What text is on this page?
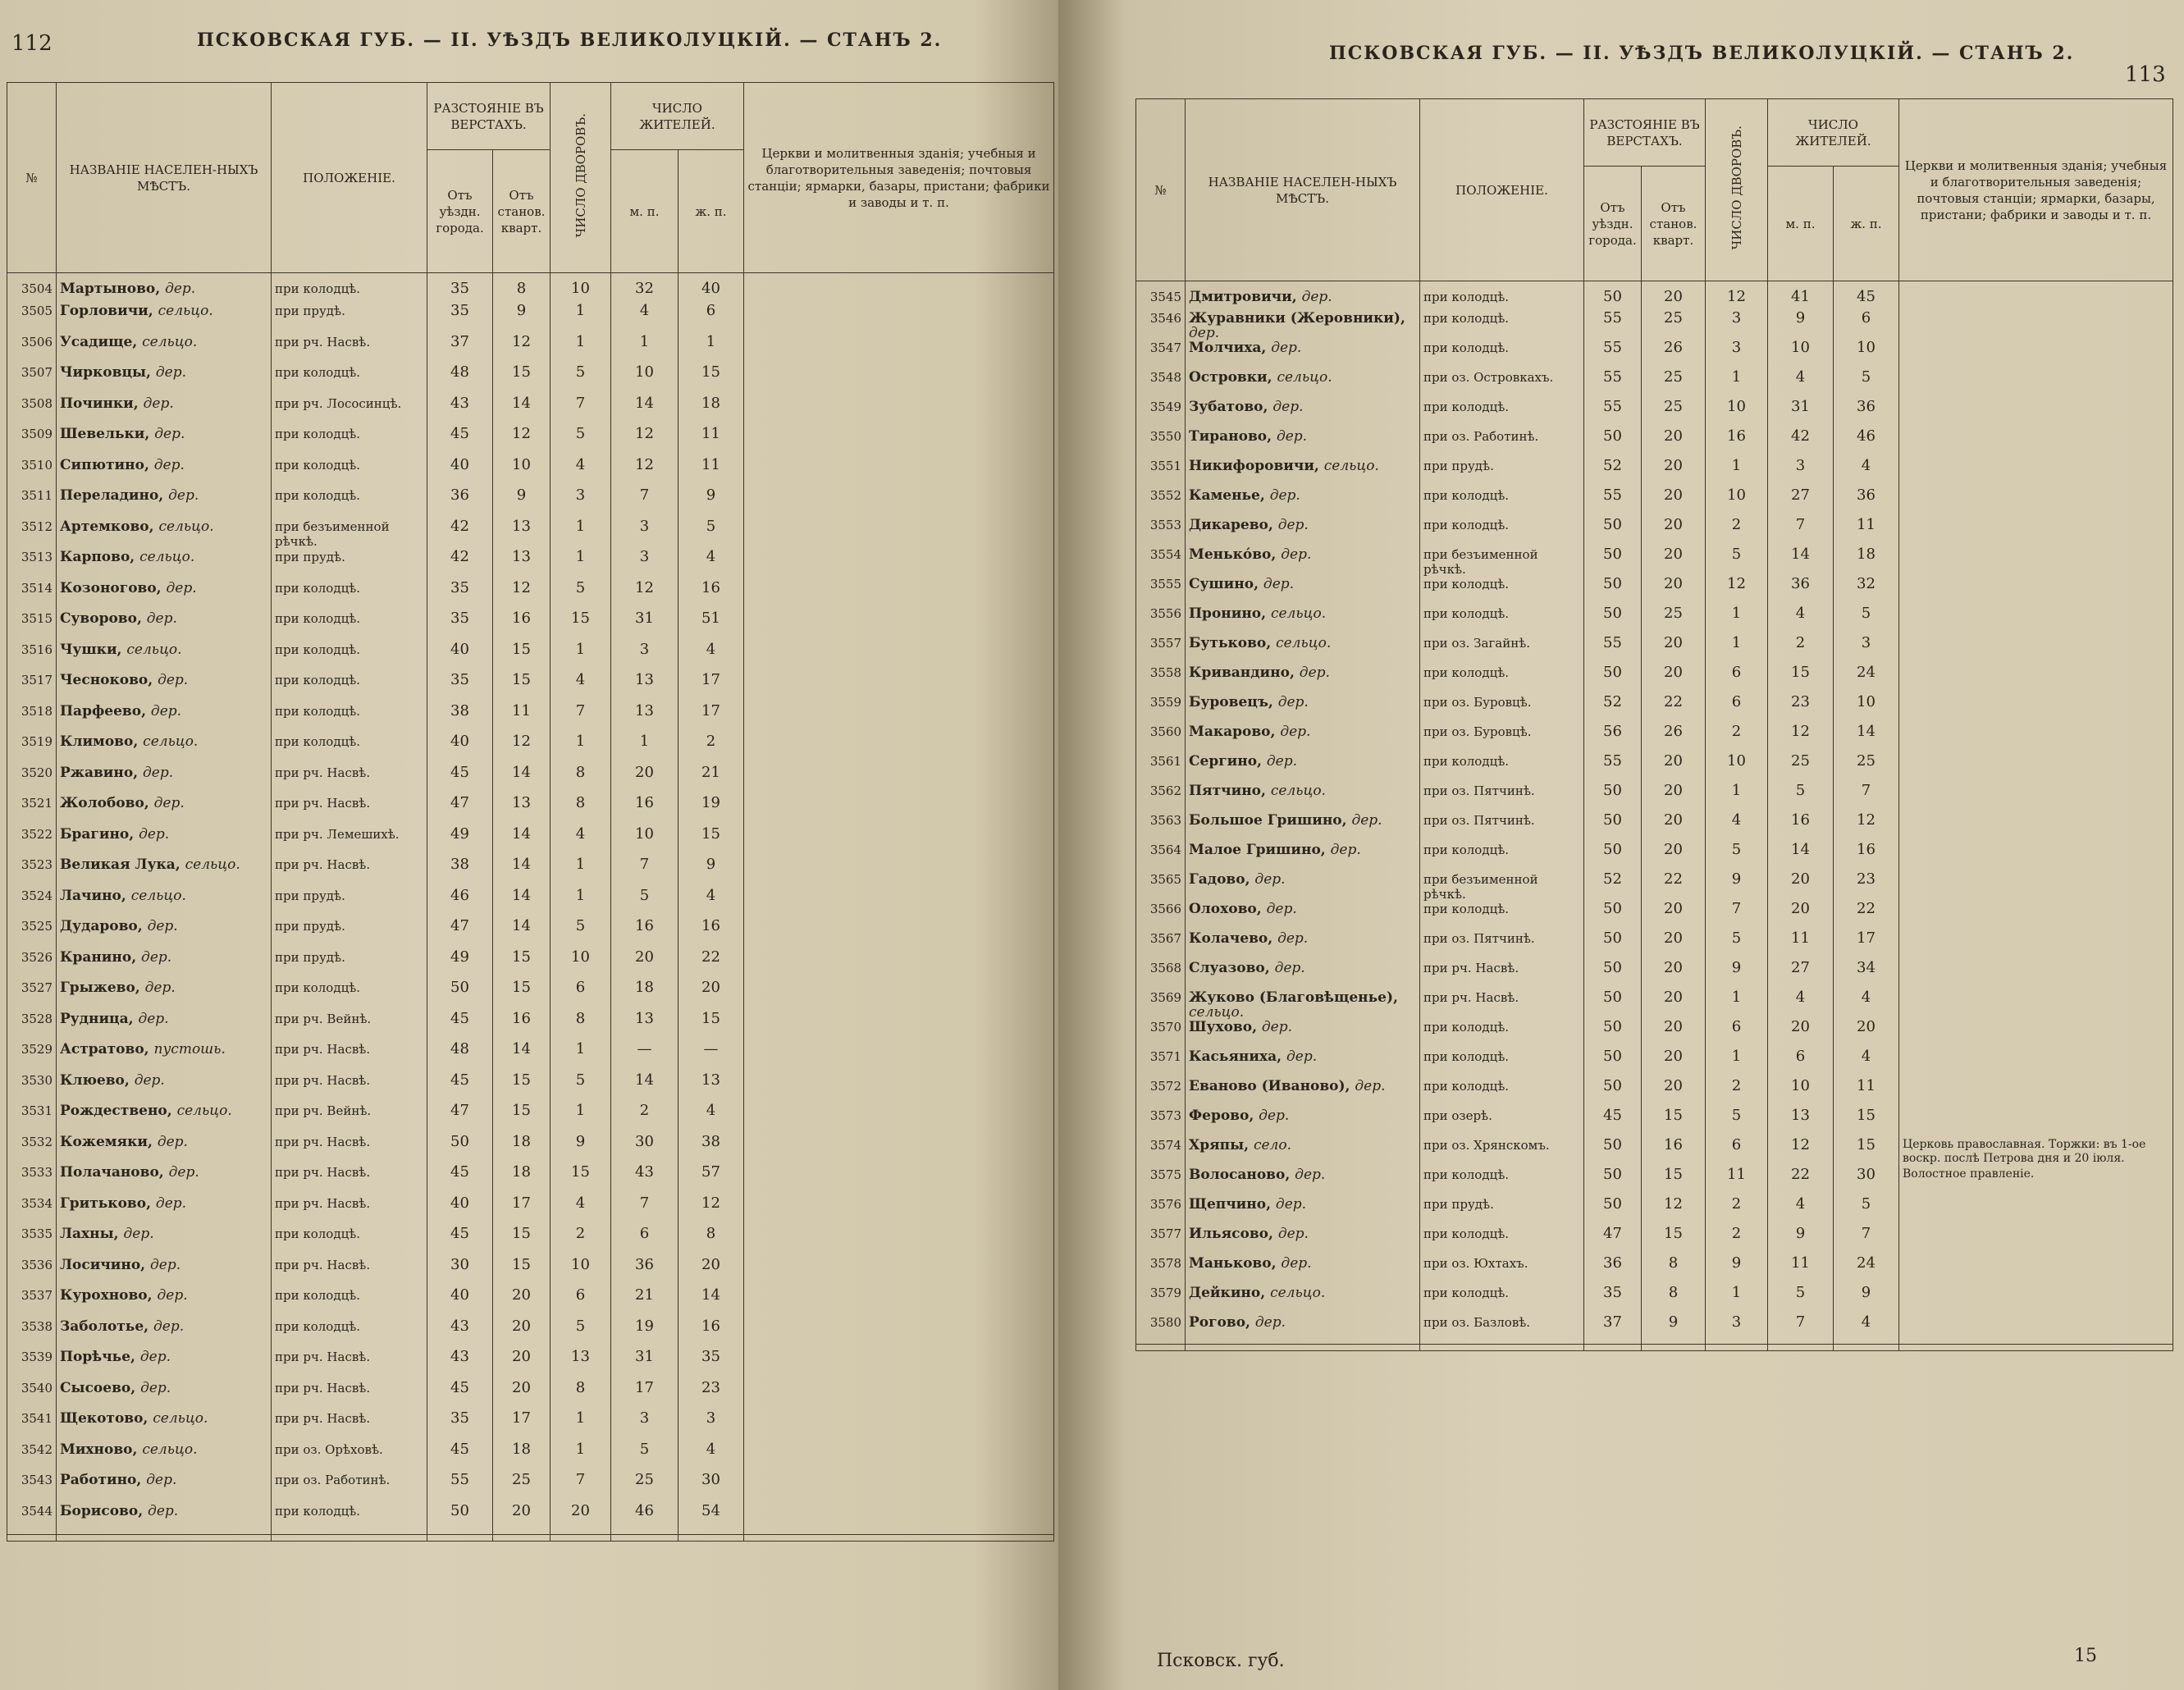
112	ПСКОВСКАЯ ГУБ. — II. УѢЗДЪ ВЕЛИКОЛУЦКІЙ. — СТАНЪ 2.
№	НАЗВАНІЕ НАСЕЛЕН-НЫХЪ МѢСТЪ.	ПОЛОЖЕНІЕ.	РАЗСТОЯНІЕ ВЪ ВЕРСТАХЪ.		ЧИСЛО ДВОРОВЪ.	ЧИСЛО ЖИТЕЛЕЙ.		Церкви и молитвенныя зданія; учебныя и благотворительныя заведенія; почтовыя станціи; ярмарки, базары, пристани; фабрики и заводы и т. п.
			Отъ уѣздн. города.	Отъ станов. кварт.		м. п.	ж. п.	
3504	Мартыново, дер.	при колодцѣ.	35	8	10	32	40	
3505	Горловичи, сельцо.	при прудѣ.	35	9	1	4	6	
3506	Усадище, сельцо.	при рч. Насвѣ.	37	12	1	1	1	
3507	Чирковцы, дер.	при колодцѣ.	48	15	5	10	15	
3508	Починки, дер.	при рч. Лососинцѣ.	43	14	7	14	18	
3509	Шевельки, дер.	при колодцѣ.	45	12	5	12	11	
3510	Сипютино, дер.	при колодцѣ.	40	10	4	12	11	
3511	Переладино, дер.	при колодцѣ.	36	9	3	7	9	
3512	Артемково, сельцо.	при безъименной рѣчкѣ.	42	13	1	3	5	
3513	Карпово, сельцо.	при прудѣ.	42	13	1	3	4	
3514	Козоногово, дер.	при колодцѣ.	35	12	5	12	16	
3515	Суворово, дер.	при колодцѣ.	35	16	15	31	51	
3516	Чушки, сельцо.	при колодцѣ.	40	15	1	3	4	
3517	Чесноково, дер.	при колодцѣ.	35	15	4	13	17	
3518	Парфеево, дер.	при колодцѣ.	38	11	7	13	17	
3519	Климово, сельцо.	при колодцѣ.	40	12	1	1	2	
3520	Ржавино, дер.	при рч. Насвѣ.	45	14	8	20	21	
3521	Жолобово, дер.	при рч. Насвѣ.	47	13	8	16	19	
3522	Брагино, дер.	при рч. Лемешихѣ.	49	14	4	10	15	
3523	Великая Лука, сельцо.	при рч. Насвѣ.	38	14	1	7	9	
3524	Лачино, сельцо.	при прудѣ.	46	14	1	5	4	
3525	Дударово, дер.	при прудѣ.	47	14	5	16	16	
3526	Кранино, дер.	при прудѣ.	49	15	10	20	22	
3527	Грыжево, дер.	при колодцѣ.	50	15	6	18	20	
3528	Рудница, дер.	при рч. Вейнѣ.	45	16	8	13	15	
3529	Астратово, пустошь.	при рч. Насвѣ.	48	14	1	—	—	
3530	Клюево, дер.	при рч. Насвѣ.	45	15	5	14	13	
3531	Рождествено, сельцо.	при рч. Вейнѣ.	47	15	1	2	4	
3532	Кожемяки, дер.	при рч. Насвѣ.	50	18	9	30	38	
3533	Полачаново, дер.	при рч. Насвѣ.	45	18	15	43	57	
3534	Гритьково, дер.	при рч. Насвѣ.	40	17	4	7	12	
3535	Лахны, дер.	при колодцѣ.	45	15	2	6	8	
3536	Лосичино, дер.	при рч. Насвѣ.	30	15	10	36	20	
3537	Курохново, дер.	при колодцѣ.	40	20	6	21	14	
3538	Заболотье, дер.	при колодцѣ.	43	20	5	19	16	
3539	Порѣчье, дер.	при рч. Насвѣ.	43	20	13	31	35	
3540	Сысоево, дер.	при рч. Насвѣ.	45	20	8	17	23	
3541	Щекотово, сельцо.	при рч. Насвѣ.	35	17	1	3	3	
3542	Михново, сельцо.	при оз. Орѣховѣ.	45	18	1	5	4	
3543	Работино, дер.	при оз. Работинѣ.	55	25	7	25	30	
3544	Борисово, дер.	при колодцѣ.	50	20	20	46	54	

ПСКОВСКАЯ ГУБ. — II. УѢЗДЪ ВЕЛИКОЛУЦКІЙ. — СТАНЪ 2.
113
№	НАЗВАНІЕ НАСЕЛЕН-НЫХЪ МѢСТЪ.	ПОЛОЖЕНІЕ.	РАЗСТОЯНІЕ ВЪ ВЕРСТАХЪ.		ЧИСЛО ДВОРОВЪ.	ЧИСЛО ЖИТЕЛЕЙ.		Церкви и молитвенныя зданія; учебныя и благотворительныя заведенія; почтовыя станціи; ярмарки, базары, пристани; фабрики и заводы и т. п.
			Отъ уѣздн. города.	Отъ станов. кварт.		м. п.	ж. п.	
3545	Дмитровичи, дер.	при колодцѣ.	50	20	12	41	45	
3546	Журавники (Жеровники), дер.	при колодцѣ.	55	25	3	9	6	
3547	Молчиха, дер.	при колодцѣ.	55	26	3	10	10	
3548	Островки, сельцо.	при оз. Островкахъ.	55	25	1	4	5	
3549	Зубатово, дер.	при колодцѣ.	55	25	10	31	36	
3550	Тираново, дер.	при оз. Работинѣ.	50	20	16	42	46	
3551	Никифоровичи, сельцо.	при прудѣ.	52	20	1	3	4	
3552	Каменье, дер.	при колодцѣ.	55	20	10	27	36	
3553	Дикарево, дер.	при колодцѣ.	50	20	2	7	11	
3554	Менько́во, дер.	при безъименной рѣчкѣ.	50	20	5	14	18	
3555	Сушино, дер.	при колодцѣ.	50	20	12	36	32	
3556	Пронино, сельцо.	при колодцѣ.	50	25	1	4	5	
3557	Бутьково, сельцо.	при оз. Загайнѣ.	55	20	1	2	3	
3558	Кривандино, дер.	при колодцѣ.	50	20	6	15	24	
3559	Буровецъ, дер.	при оз. Буровцѣ.	52	22	6	23	10	
3560	Макарово, дер.	при оз. Буровцѣ.	56	26	2	12	14	
3561	Сергино, дер.	при колодцѣ.	55	20	10	25	25	
3562	Пятчино, сельцо.	при оз. Пятчинѣ.	50	20	1	5	7	
3563	Большое Гришино, дер.	при оз. Пятчинѣ.	50	20	4	16	12	
3564	Малое Гришино, дер.	при колодцѣ.	50	20	5	14	16	
3565	Гадово, дер.	при безъименной рѣчкѣ.	52	22	9	20	23	
3566	Олохово, дер.	при колодцѣ.	50	20	7	20	22	
3567	Колачево, дер.	при оз. Пятчинѣ.	50	20	5	11	17	
3568	Слуазово, дер.	при рч. Насвѣ.	50	20	9	27	34	
3569	Жуково (Благовѣщенье), сельцо.	при рч. Насвѣ.	50	20	1	4	4	
3570	Шухово, дер.	при колодцѣ.	50	20	6	20	20	
3571	Касьяниха, дер.	при колодцѣ.	50	20	1	6	4	
3572	Еваново (Иваново), дер.	при колодцѣ.	50	20	2	10	11	
3573	Ферово, дер.	при озерѣ.	45	15	5	13	15	
3574	Хряпы, село.	при оз. Хрянскомъ.	50	16	6	12	15	Церковь православная. Торжки: въ 1-ое воскр. послѣ Петрова дня и 20 іюля.
3575	Волосаново, дер.	при колодцѣ.	50	15	11	22	30	Волостное правленіе.
3576	Щепчино, дер.	при прудѣ.	50	12	2	4	5	
3577	Ильясово, дер.	при колодцѣ.	47	15	2	9	7	
3578	Маньково, дер.	при оз. Юхтахъ.	36	8	9	11	24	
3579	Дейкино, сельцо.	при колодцѣ.	35	8	1	5	9	
3580	Рогово, дер.	при оз. Базловѣ.	37	9	3	7	4	

Псковск. губ.	15
